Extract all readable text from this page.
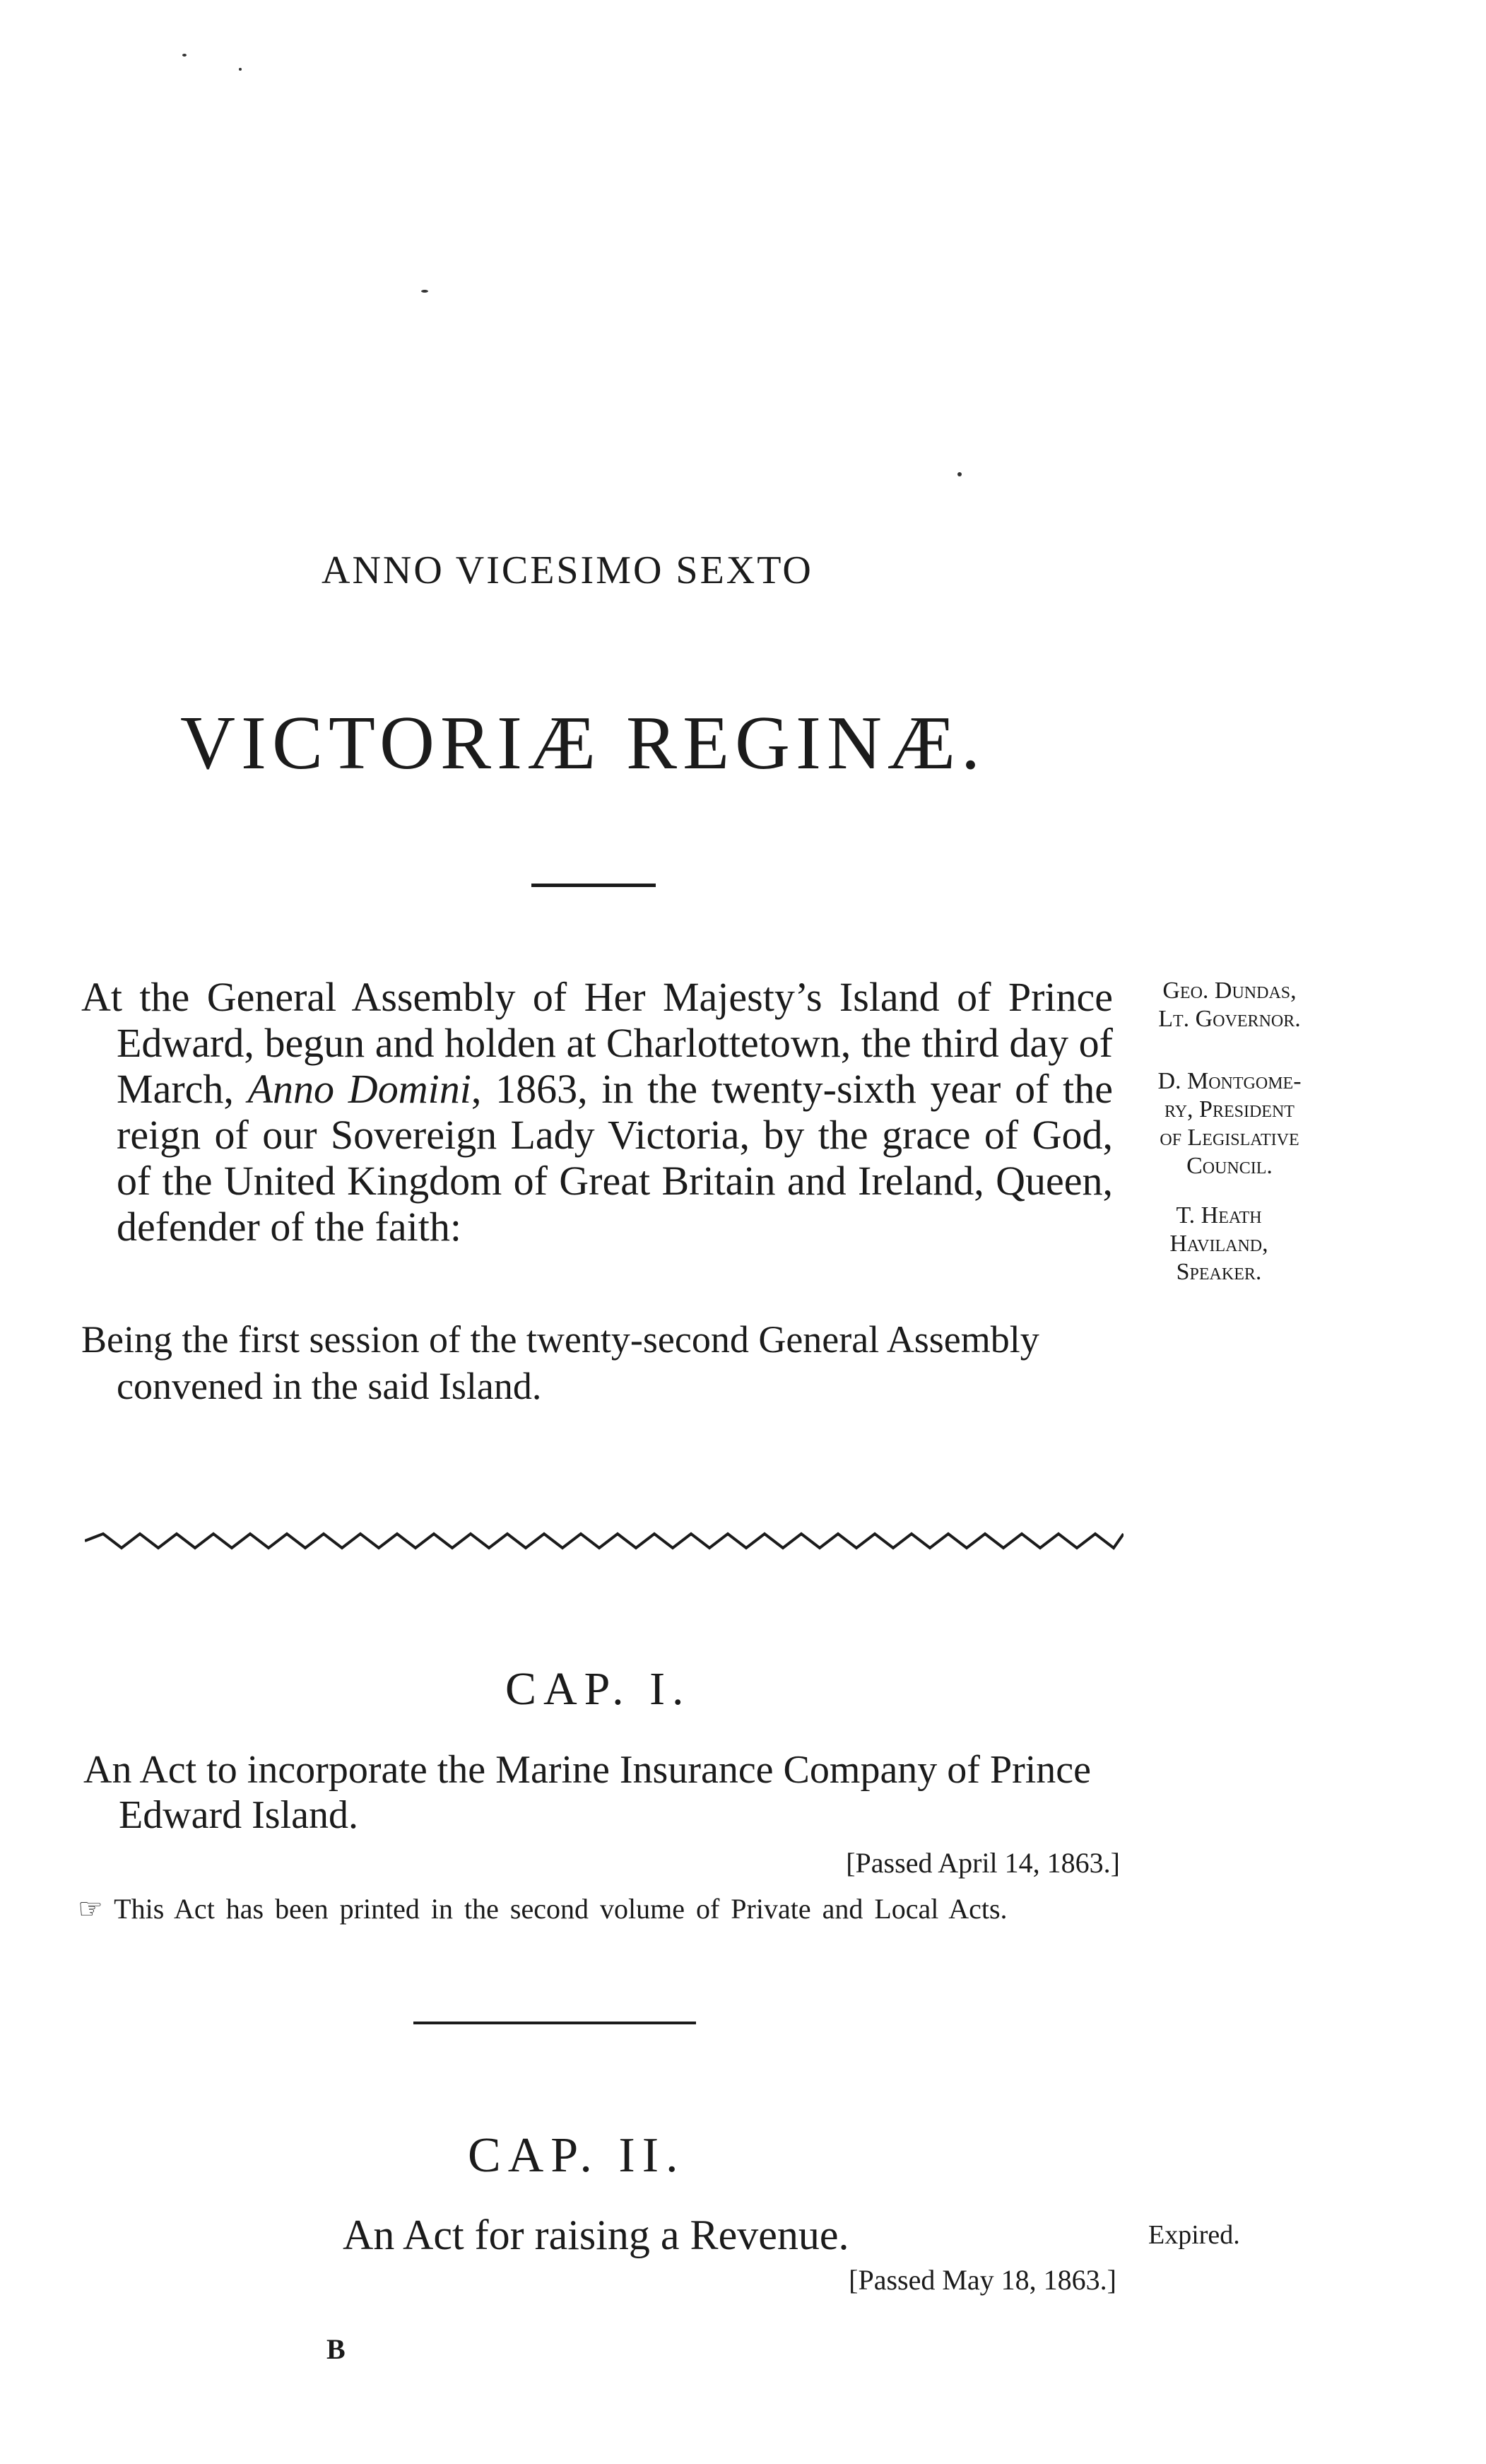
ANNO VICESIMO SEXTO
VICTORIÆ REGINÆ.
At the General Assembly of Her Majesty’s Island of Prince Edward, begun and holden at Charlottetown, the third day of March, Anno Domini, 1863, in the twenty-sixth year of the reign of our Sovereign Lady Victoria, by the grace of God, of the United Kingdom of Great Britain and Ireland, Queen, defender of the faith:
Geo. Dundas,
Lt. Governor.
D. Montgome-
ry, President
of Legislative
Council.
T. Heath
Haviland,
Speaker.
Being the first session of the twenty-second General Assembly convened in the said Island.
CAP. I.
An Act to incorporate the Marine Insurance Company of Prince Edward Island.
[Passed April 14, 1863.]
☞ This Act has been printed in the second volume of Private and Local Acts.
CAP. II.
An Act for raising a Revenue.	Expired.
[Passed May 18, 1863.]
B
